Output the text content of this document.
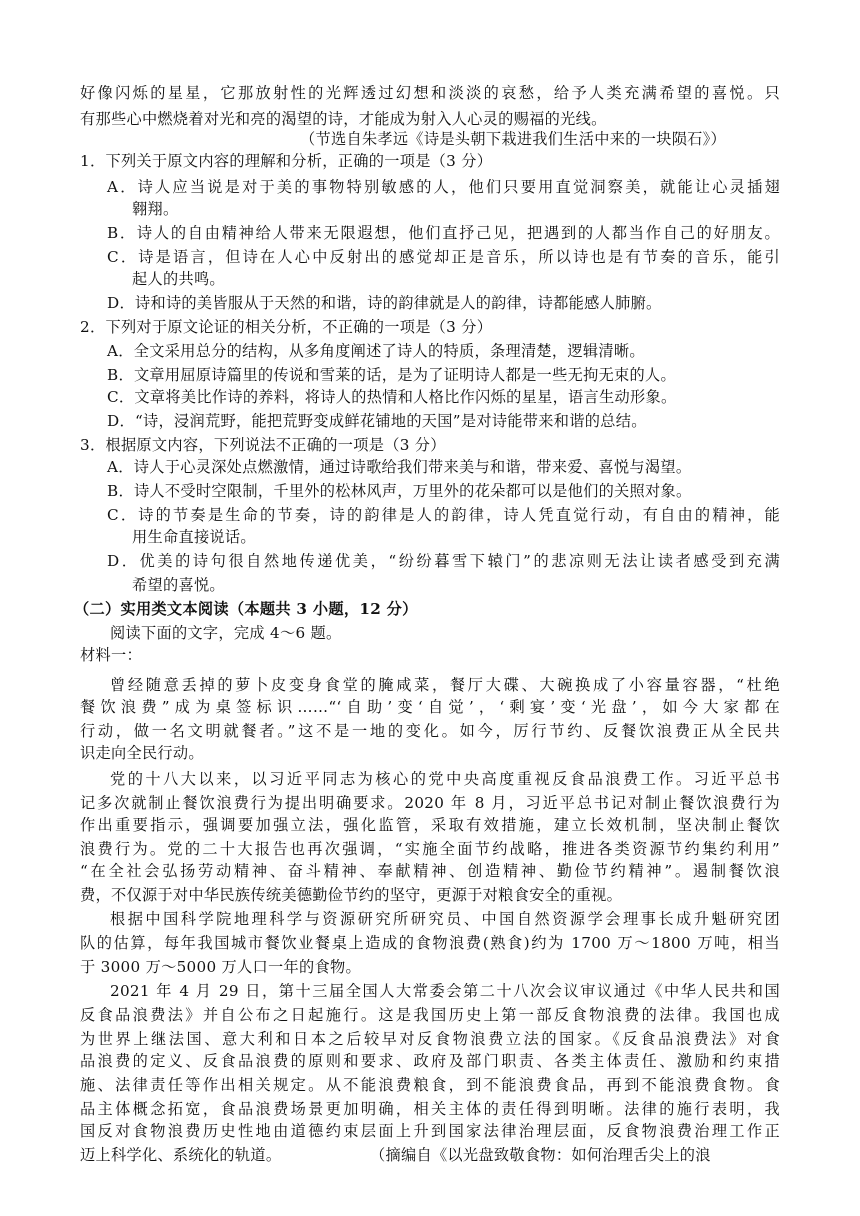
好像闪烁的星星，它那放射性的光辉透过幻想和淡淡的哀愁，给予人类充满希望的喜悦。只
有那些心中燃烧着对光和亮的渴望的诗，才能成为射入人心灵的赐福的光线。
（节选自朱孝远《诗是头朝下栽进我们生活中来的一块陨石》）
1．下列关于原文内容的理解和分析，正确的一项是（3 分）
A．诗人应当说是对于美的事物特别敏感的人，他们只要用直觉洞察美，就能让心灵插翅
翱翔。
B．诗人的自由精神给人带来无限遐想，他们直抒己见，把遇到的人都当作自己的好朋友。
C．诗是语言，但诗在人心中反射出的感觉却正是音乐，所以诗也是有节奏的音乐，能引
起人的共鸣。
D．诗和诗的美皆服从于天然的和谐，诗的韵律就是人的韵律，诗都能感人肺腑。
2．下列对于原文论证的相关分析，不正确的一项是（3 分）
A．全文采用总分的结构，从多角度阐述了诗人的特质，条理清楚，逻辑清晰。
B．文章用屈原诗篇里的传说和雪莱的话，是为了证明诗人都是一些无拘无束的人。
C．文章将美比作诗的养料，将诗人的热情和人格比作闪烁的星星，语言生动形象。
D．“诗，浸润荒野，能把荒野变成鲜花铺地的天国”是对诗能带来和谐的总结。
3．根据原文内容，下列说法不正确的一项是（3 分）
A．诗人于心灵深处点燃激情，通过诗歌给我们带来美与和谐，带来爱、喜悦与渴望。
B．诗人不受时空限制，千里外的松林风声，万里外的花朵都可以是他们的关照对象。
C．诗的节奏是生命的节奏，诗的韵律是人的韵律，诗人凭直觉行动，有自由的精神，能
用生命直接说话。
D．优美的诗句很自然地传递优美，“纷纷暮雪下辕门”的悲凉则无法让读者感受到充满
希望的喜悦。
（二）实用类文本阅读（本题共 3 小题，12 分）
阅读下面的文字，完成 4～6 题。
材料一：
曾经随意丢掉的萝卜皮变身食堂的腌咸菜，餐厅大碟、大碗换成了小容量容器，“杜绝
餐饮浪费”成为桌签标识……“‘自助’变‘自觉’，‘剩宴’变‘光盘’，如今大家都在
行动，做一名文明就餐者。”这不是一地的变化。如今，厉行节约、反餐饮浪费正从全民共
识走向全民行动。
党的十八大以来，以习近平同志为核心的党中央高度重视反食品浪费工作。习近平总书
记多次就制止餐饮浪费行为提出明确要求。2020 年 8 月，习近平总书记对制止餐饮浪费行为
作出重要指示，强调要加强立法，强化监管，采取有效措施，建立长效机制，坚决制止餐饮
浪费行为。党的二十大报告也再次强调，“实施全面节约战略，推进各类资源节约集约利用”
“在全社会弘扬劳动精神、奋斗精神、奉献精神、创造精神、勤俭节约精神”。遏制餐饮浪
费，不仅源于对中华民族传统美德勤俭节约的坚守，更源于对粮食安全的重视。
根据中国科学院地理科学与资源研究所研究员、中国自然资源学会理事长成升魁研究团
队的估算，每年我国城市餐饮业餐桌上造成的食物浪费(熟食)约为 1700 万～1800 万吨，相当
于 3000 万～5000 万人口一年的食物。
2021 年 4 月 29 日，第十三届全国人大常委会第二十八次会议审议通过《中华人民共和国
反食品浪费法》并自公布之日起施行。这是我国历史上第一部反食物浪费的法律。我国也成
为世界上继法国、意大利和日本之后较早对反食物浪费立法的国家。《反食品浪费法》对食
品浪费的定义、反食品浪费的原则和要求、政府及部门职责、各类主体责任、激励和约束措
施、法律责任等作出相关规定。从不能浪费粮食，到不能浪费食品，再到不能浪费食物。食
品主体概念拓宽，食品浪费场景更加明确，相关主体的责任得到明晰。法律的施行表明，我
国反对食物浪费历史性地由道德约束层面上升到国家法律治理层面，反食物浪费治理工作正
迈上科学化、系统化的轨道。	（摘编自《以光盘致敬食物：如何治理舌尖上的浪
